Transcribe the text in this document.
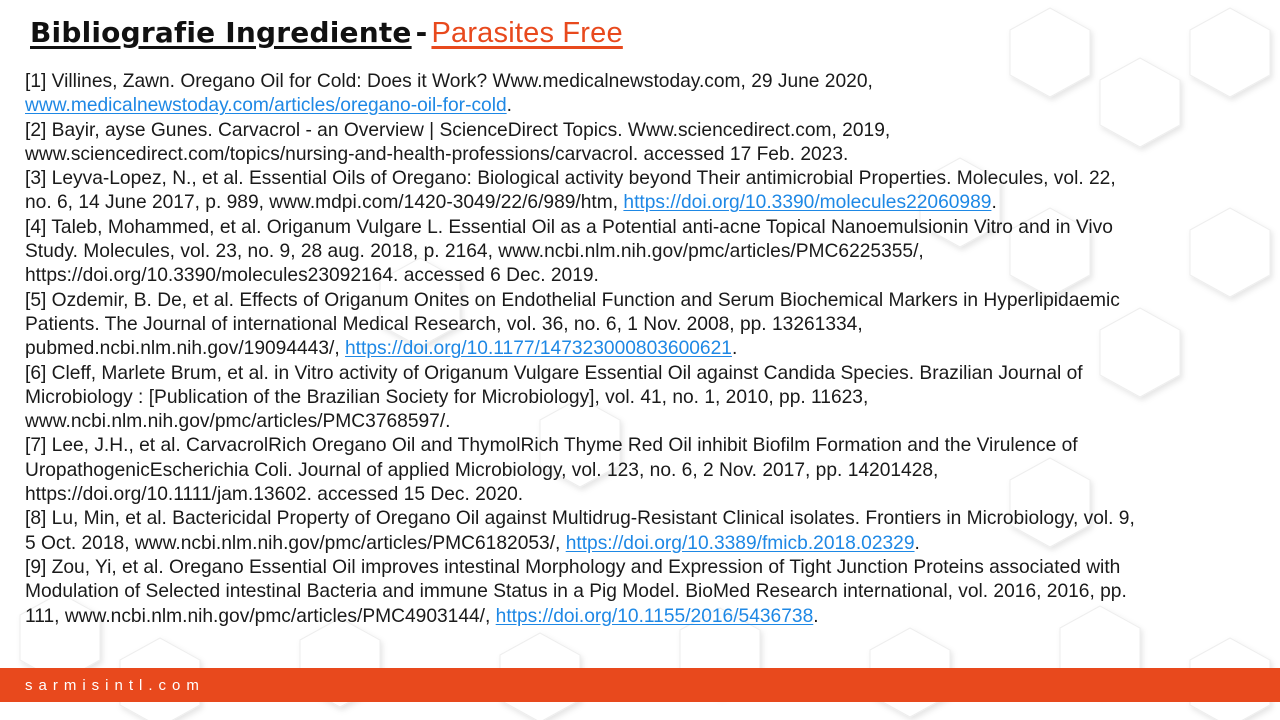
Bibliografie Ingrediente - Parasites Free
[1] Villines, Zawn. Oregano Oil for Cold: Does it Work? Www.medicalnewstoday.com, 29 June 2020,
www.medicalnewstoday.com/articles/oregano-oil-for-cold.
[2] Bayir, ayse Gunes. Carvacrol - an Overview | ScienceDirect Topics. Www.sciencedirect.com, 2019,
www.sciencedirect.com/topics/nursing-and-health-professions/carvacrol. accessed 17 Feb. 2023.
[3] Leyva-Lopez, N., et al. Essential Oils of Oregano: Biological activity beyond Their antimicrobial Properties. Molecules, vol. 22,
no. 6, 14 June 2017, p. 989, www.mdpi.com/1420-3049/22/6/989/htm, https://doi.org/10.3390/molecules22060989.
[4] Taleb, Mohammed, et al. Origanum Vulgare L. Essential Oil as a Potential anti-acne Topical Nanoemulsionin Vitro and in Vivo
Study. Molecules, vol. 23, no. 9, 28 aug. 2018, p. 2164, www.ncbi.nlm.nih.gov/pmc/articles/PMC6225355/,
https://doi.org/10.3390/molecules23092164. accessed 6 Dec. 2019.
[5] Ozdemir, B. De, et al. Effects of Origanum Onites on Endothelial Function and Serum Biochemical Markers in Hyperlipidaemic
Patients. The Journal of international Medical Research, vol. 36, no. 6, 1 Nov. 2008, pp. 13261334,
pubmed.ncbi.nlm.nih.gov/19094443/, https://doi.org/10.1177/147323000803600621.
[6] Cleff, Marlete Brum, et al. in Vitro activity of Origanum Vulgare Essential Oil against Candida Species. Brazilian Journal of
Microbiology : [Publication of the Brazilian Society for Microbiology], vol. 41, no. 1, 2010, pp. 11623,
www.ncbi.nlm.nih.gov/pmc/articles/PMC3768597/.
[7] Lee, J.H., et al. CarvacrolRich Oregano Oil and ThymolRich Thyme Red Oil inhibit Biofilm Formation and the Virulence of
UropathogenicEscherichia Coli. Journal of applied Microbiology, vol. 123, no. 6, 2 Nov. 2017, pp. 14201428,
https://doi.org/10.1111/jam.13602. accessed 15 Dec. 2020.
[8] Lu, Min, et al. Bactericidal Property of Oregano Oil against Multidrug-Resistant Clinical isolates. Frontiers in Microbiology, vol. 9,
5 Oct. 2018, www.ncbi.nlm.nih.gov/pmc/articles/PMC6182053/, https://doi.org/10.3389/fmicb.2018.02329.
[9] Zou, Yi, et al. Oregano Essential Oil improves intestinal Morphology and Expression of Tight Junction Proteins associated with
Modulation of Selected intestinal Bacteria and immune Status in a Pig Model. BioMed Research international, vol. 2016, 2016, pp.
111, www.ncbi.nlm.nih.gov/pmc/articles/PMC4903144/, https://doi.org/10.1155/2016/5436738.
sarmisintl.com
